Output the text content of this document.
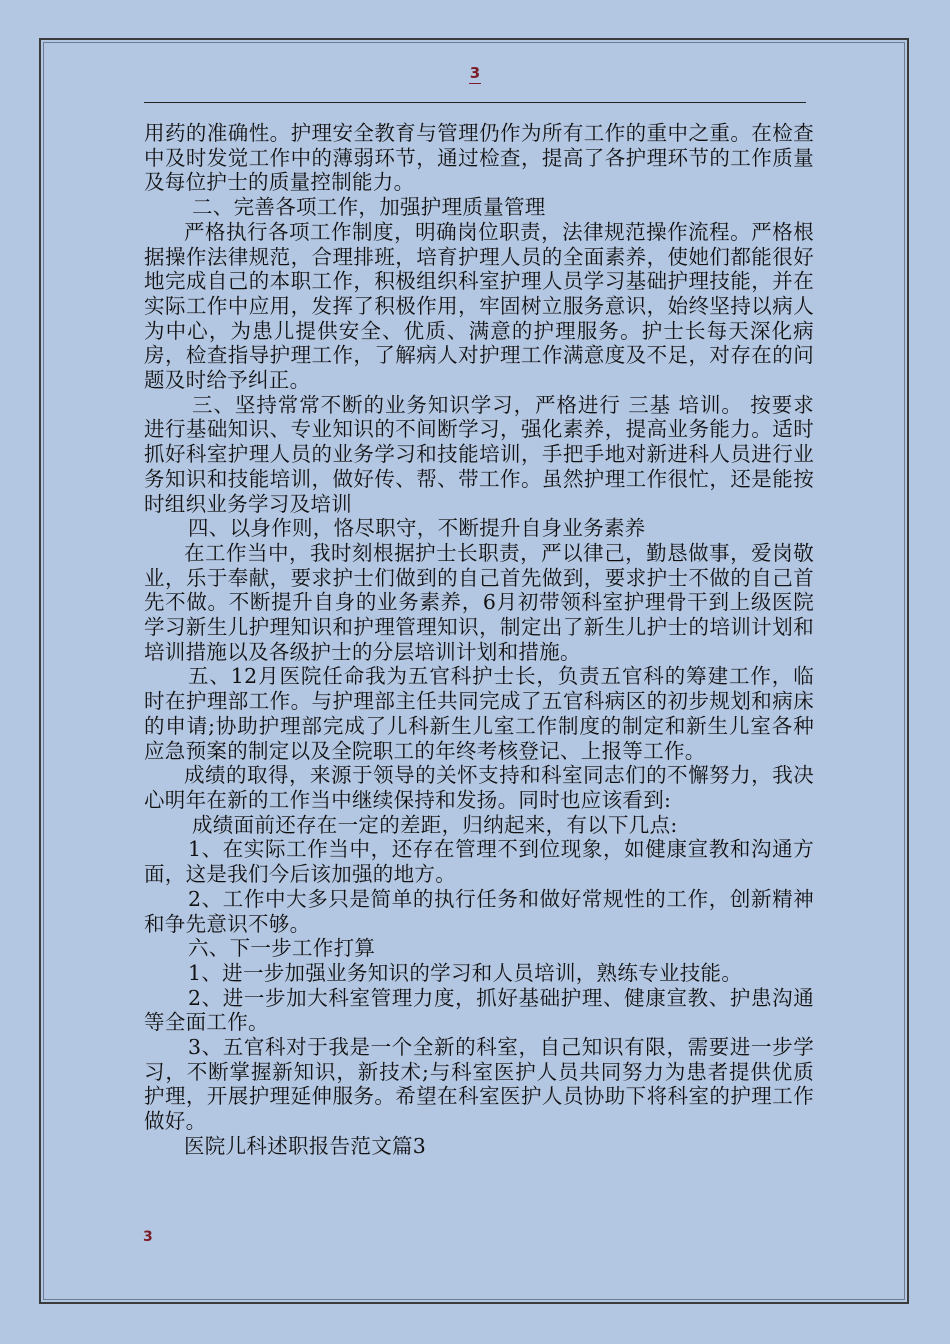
3

用药的准确性。护理安全教育与管理仍作为所有工作的重中之重。在检查中及时发觉工作中的薄弱环节，通过检查，提高了各护理环节的工作质量及每位护士的质量控制能力。

二、完善各项工作，加强护理质量管理

严格执行各项工作制度，明确岗位职责，法律规范操作流程。严格根据操作法律规范，合理排班，培育护理人员的全面素养，使她们都能很好地完成自己的本职工作，积极组织科室护理人员学习基础护理技能，并在实际工作中应用，发挥了积极作用，牢固树立服务意识，始终坚持以病人为中心，为患儿提供安全、优质、满意的护理服务。护士长每天深化病房，检查指导护理工作，了解病人对护理工作满意度及不足，对存在的问题及时给予纠正。

三、坚持常常不断的业务知识学习，严格进行 三基 培训。 按要求进行基础知识、专业知识的不间断学习，强化素养，提高业务能力。适时抓好科室护理人员的业务学习和技能培训，手把手地对新进科人员进行业务知识和技能培训，做好传、帮、带工作。虽然护理工作很忙，还是能按时组织业务学习及培训

四、以身作则，恪尽职守，不断提升自身业务素养

在工作当中，我时刻根据护士长职责，严以律己，勤恳做事，爱岗敬业，乐于奉献，要求护士们做到的自己首先做到，要求护士不做的自己首先不做。不断提升自身的业务素养，6月初带领科室护理骨干到上级医院学习新生儿护理知识和护理管理知识，制定出了新生儿护士的培训计划和培训措施以及各级护士的分层培训计划和措施。

五、12月医院任命我为五官科护士长，负责五官科的筹建工作，临时在护理部工作。与护理部主任共同完成了五官科病区的初步规划和病床的申请;协助护理部完成了儿科新生儿室工作制度的制定和新生儿室各种应急预案的制定以及全院职工的年终考核登记、上报等工作。

成绩的取得，来源于领导的关怀支持和科室同志们的不懈努力，我决心明年在新的工作当中继续保持和发扬。同时也应该看到:

成绩面前还存在一定的差距，归纳起来，有以下几点:

1、在实际工作当中，还存在管理不到位现象，如健康宣教和沟通方面，这是我们今后该加强的地方。

2、工作中大多只是简单的执行任务和做好常规性的工作，创新精神和争先意识不够。

六、下一步工作打算

1、进一步加强业务知识的学习和人员培训，熟练专业技能。

2、进一步加大科室管理力度，抓好基础护理、健康宣教、护患沟通等全面工作。

3、五官科对于我是一个全新的科室，自己知识有限，需要进一步学习，不断掌握新知识，新技术;与科室医护人员共同努力为患者提供优质护理，开展护理延伸服务。希望在科室医护人员协助下将科室的护理工作做好。

医院儿科述职报告范文篇3

3
